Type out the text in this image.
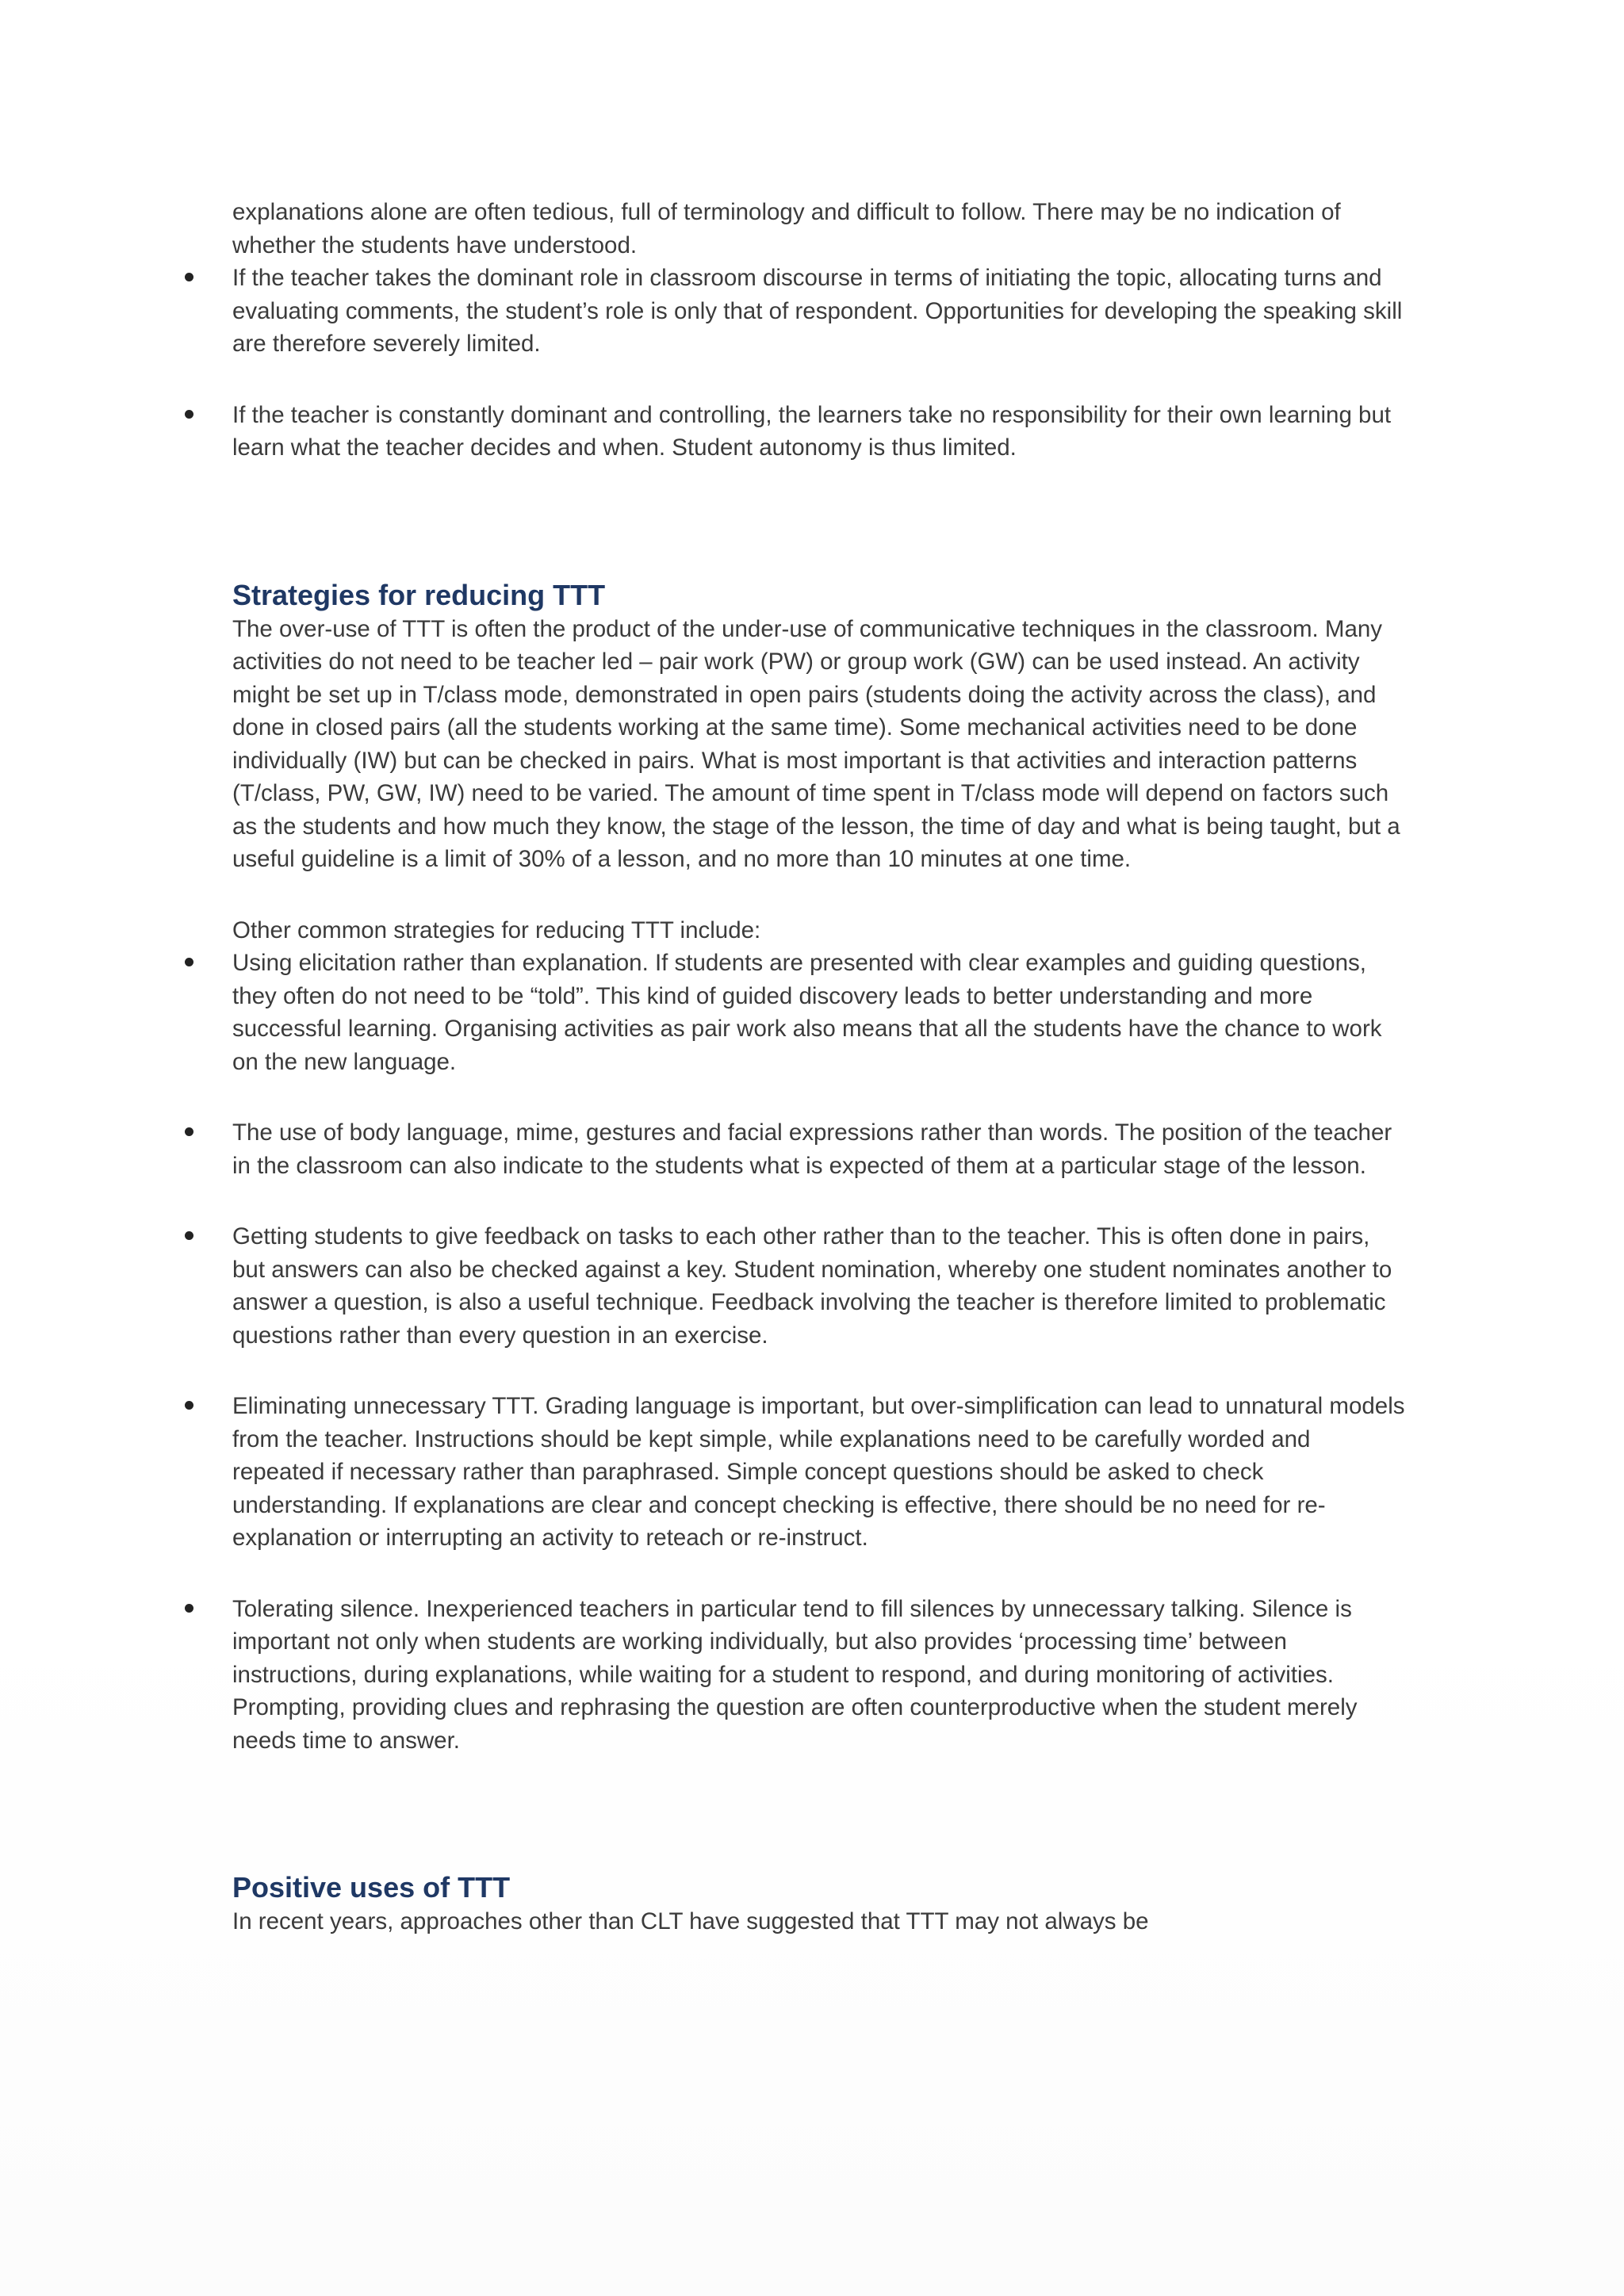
explanations alone are often tedious, full of terminology and difficult to follow. There may be no indication of whether the students have understood.

If the teacher takes the dominant role in classroom discourse in terms of initiating the topic, allocating turns and evaluating comments, the student’s role is only that of respondent. Opportunities for developing the speaking skill are therefore severely limited.

If the teacher is constantly dominant and controlling, the learners take no responsibility for their own learning but learn what the teacher decides and when. Student autonomy is thus limited.

Strategies for reducing TTT

The over-use of TTT is often the product of the under-use of communicative techniques in the classroom. Many activities do not need to be teacher led – pair work (PW) or group work (GW) can be used instead. An activity might be set up in T/class mode, demonstrated in open pairs (students doing the activity across the class), and done in closed pairs (all the students working at the same time). Some mechanical activities need to be done individually (IW) but can be checked in pairs. What is most important is that activities and interaction patterns (T/class, PW, GW, IW) need to be varied. The amount of time spent in T/class mode will depend on factors such as the students and how much they know, the stage of the lesson, the time of day and what is being taught, but a useful guideline is a limit of 30% of a lesson, and no more than 10 minutes at one time.

Other common strategies for reducing TTT include:

Using elicitation rather than explanation. If students are presented with clear examples and guiding questions, they often do not need to be “told”. This kind of guided discovery leads to better understanding and more successful learning. Organising activities as pair work also means that all the students have the chance to work on the new language.

The use of body language, mime, gestures and facial expressions rather than words. The position of the teacher in the classroom can also indicate to the students what is expected of them at a particular stage of the lesson.

Getting students to give feedback on tasks to each other rather than to the teacher. This is often done in pairs, but answers can also be checked against a key. Student nomination, whereby one student nominates another to answer a question, is also a useful technique. Feedback involving the teacher is therefore limited to problematic questions rather than every question in an exercise.

Eliminating unnecessary TTT. Grading language is important, but over-simplification can lead to unnatural models from the teacher. Instructions should be kept simple, while explanations need to be carefully worded and repeated if necessary rather than paraphrased. Simple concept questions should be asked to check understanding. If explanations are clear and concept checking is effective, there should be no need for re-explanation or interrupting an activity to reteach or re-instruct.

Tolerating silence. Inexperienced teachers in particular tend to fill silences by unnecessary talking. Silence is important not only when students are working individually, but also provides ‘processing time’ between instructions, during explanations, while waiting for a student to respond, and during monitoring of activities. Prompting, providing clues and rephrasing the question are often counterproductive when the student merely needs time to answer.

Positive uses of TTT

In recent years, approaches other than CLT have suggested that TTT may not always be
